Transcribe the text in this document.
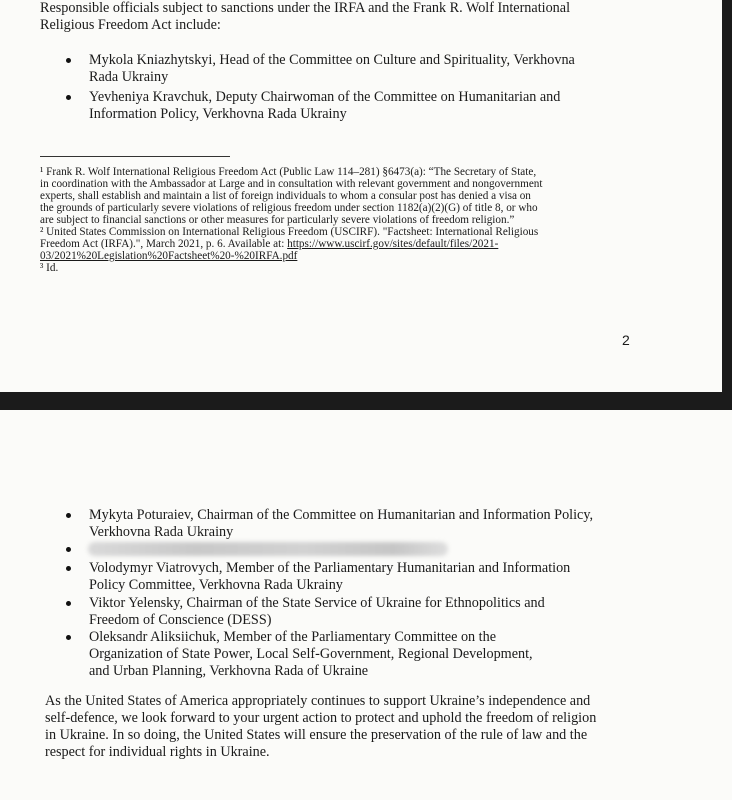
Responsible officials subject to sanctions under the IRFA and the Frank R. Wolf International
Religious Freedom Act include:
Mykola Kniazhytskyi, Head of the Committee on Culture and Spirituality, Verkhovna
Rada Ukrainy
Yevheniya Kravchuk, Deputy Chairwoman of the Committee on Humanitarian and
Information Policy, Verkhovna Rada Ukrainy
¹ Frank R. Wolf International Religious Freedom Act (Public Law 114–281) §6473(a): “The Secretary of State,
in coordination with the Ambassador at Large and in consultation with relevant government and nongovernment
experts, shall establish and maintain a list of foreign individuals to whom a consular post has denied a visa on
the grounds of particularly severe violations of religious freedom under section 1182(a)(2)(G) of title 8, or who
are subject to financial sanctions or other measures for particularly severe violations of freedom religion.”
² United States Commission on International Religious Freedom (USCIRF). "Factsheet: International Religious
Freedom Act (IRFA).", March 2021, p. 6. Available at: https://www.uscirf.gov/sites/default/files/2021-
03/2021%20Legislation%20Factsheet%20-%20IRFA.pdf
³ Id.
2
Mykyta Poturaiev, Chairman of the Committee on Humanitarian and Information Policy,
Verkhovna Rada Ukrainy
Volodymyr Viatrovych, Member of the Parliamentary Humanitarian and Information
Policy Committee, Verkhovna Rada Ukrainy
Viktor Yelensky, Chairman of the State Service of Ukraine for Ethnopolitics and
Freedom of Conscience (DESS)
Oleksandr Aliksiichuk, Member of the Parliamentary Committee on the
Organization of State Power, Local Self-Government, Regional Development,
and Urban Planning, Verkhovna Rada of Ukraine
As the United States of America appropriately continues to support Ukraine’s independence and
self-defence, we look forward to your urgent action to protect and uphold the freedom of religion
in Ukraine. In so doing, the United States will ensure the preservation of the rule of law and the
respect for individual rights in Ukraine.
